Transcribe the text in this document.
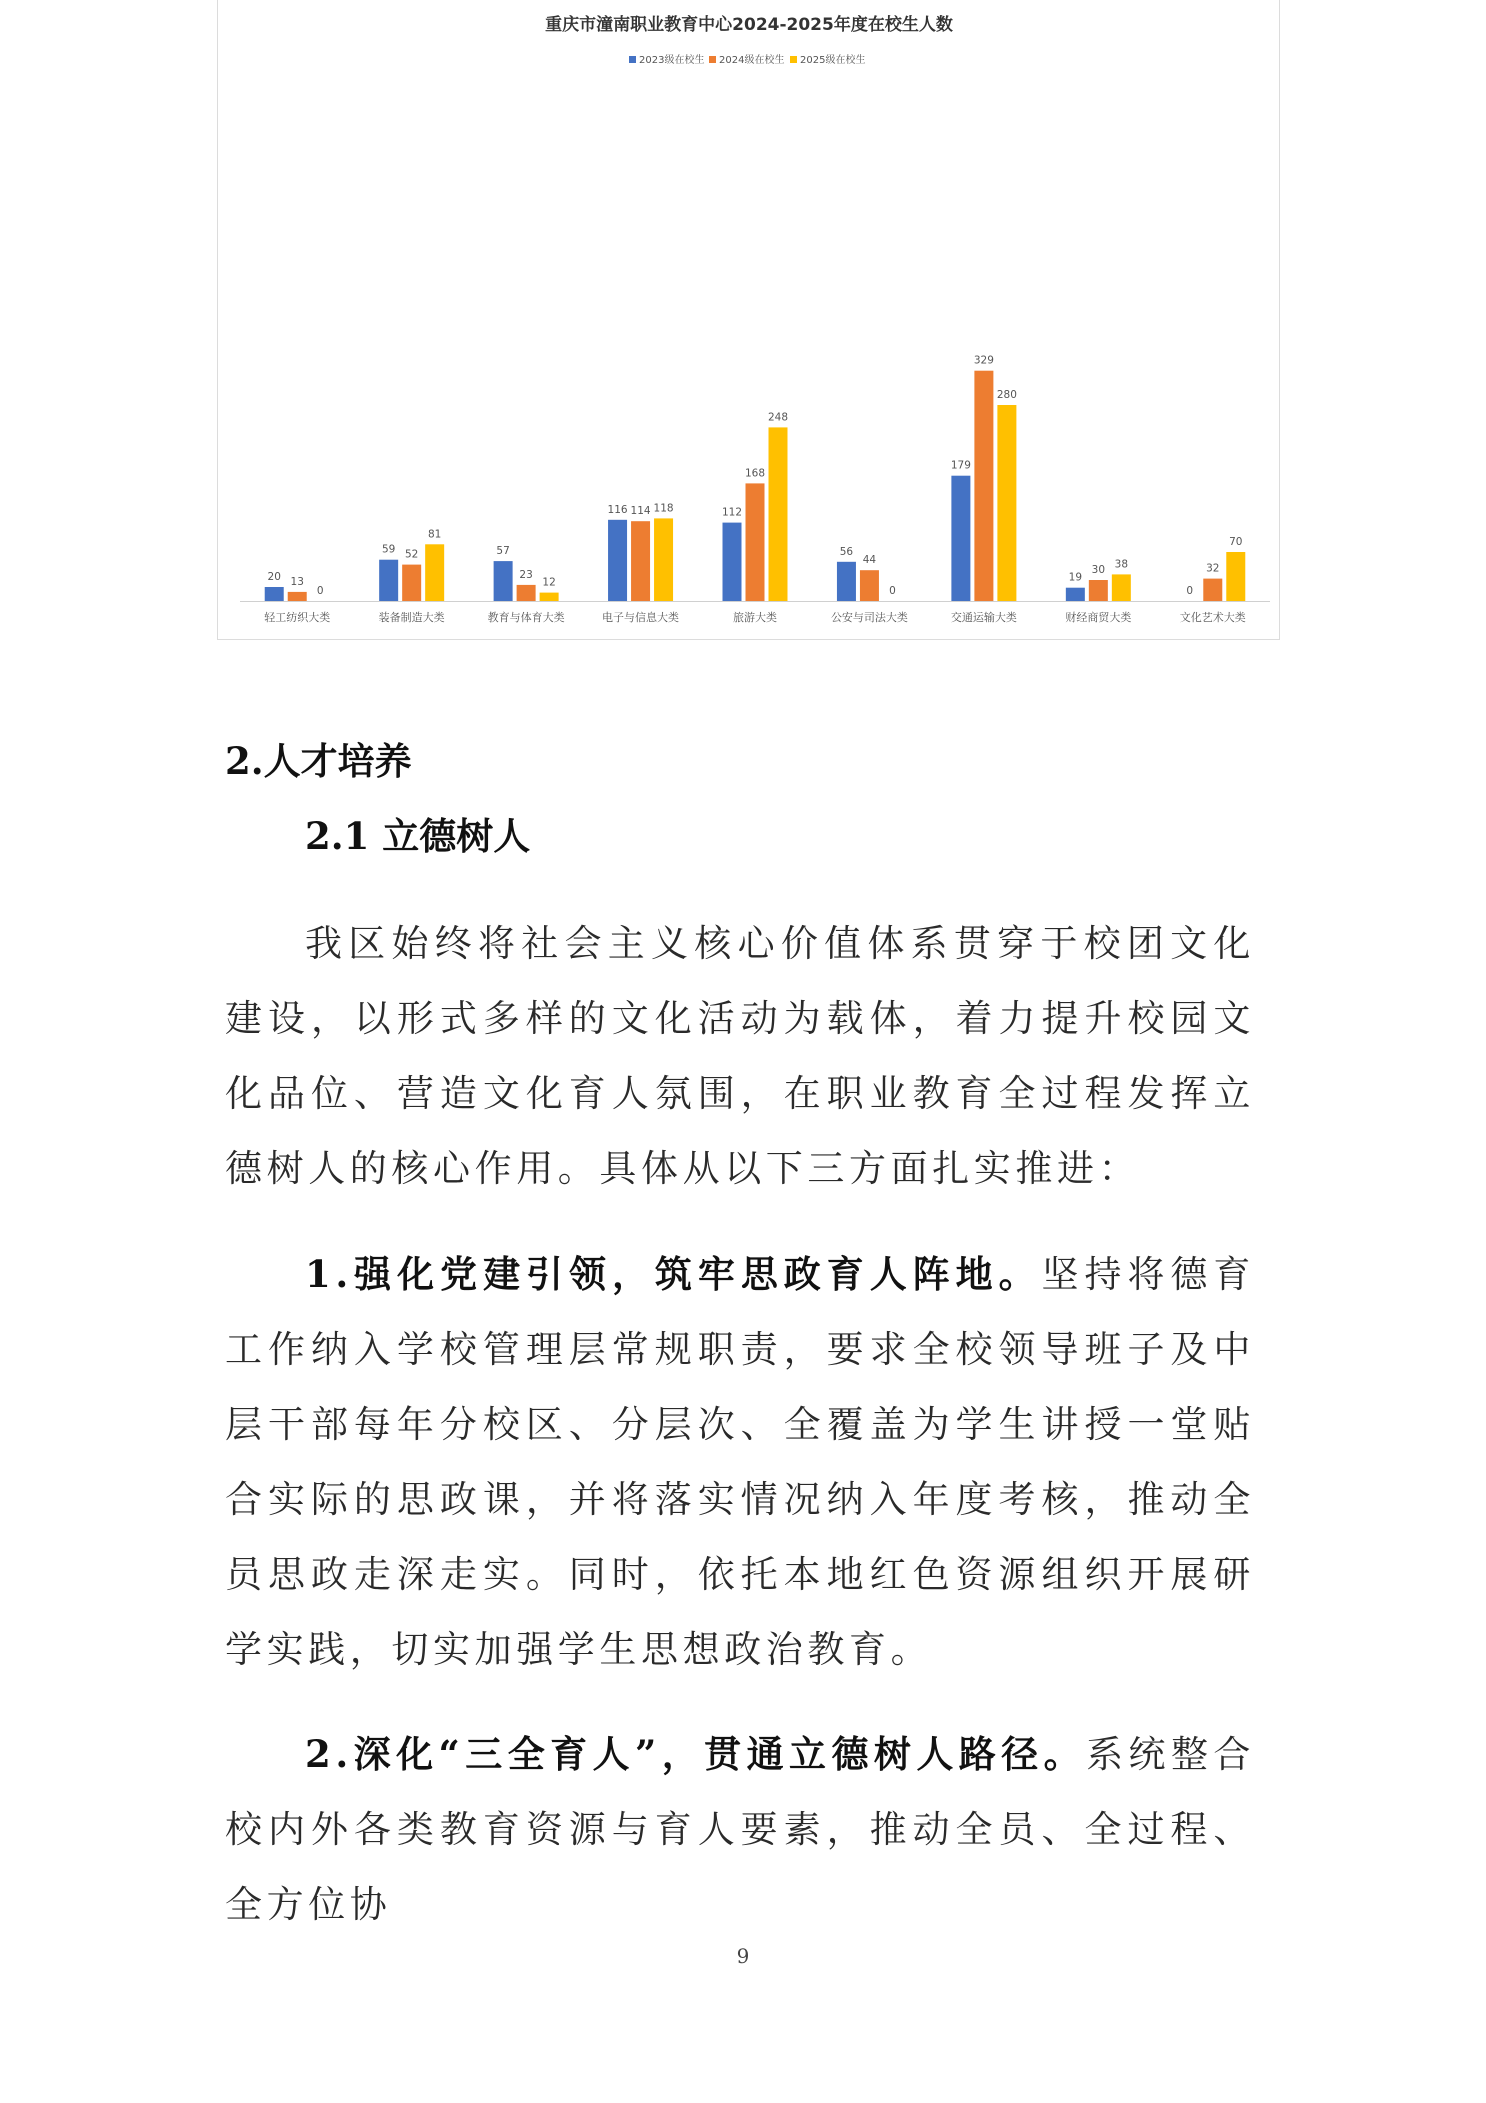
重庆市潼南职业教育中心2024-2025年度在校生人数
2023级在校生 2024级在校生 2025级在校生
20 13
0
轻工纺织大类
59 52
81
装备制造大类
57
23
12
教育与体育大类
116 114 118
电子与信息大类
112
168
248
旅游大类
56
44
0
公安与司法大类
179
329
280
交通运输大类
19
30 38
财经商贸大类
0
32
70
文化艺术大类
2.人才培养
2.1 立德树人

我区始终将社会主义核心价值体系贯穿于校团文化建设，以形式多样的文化活动为载体，着力提升校园文化品位、营造文化育人氛围，在职业教育全过程发挥立德树人的核心作用。具体从以下三方面扎实推进：

1.强化党建引领，筑牢思政育人阵地。坚持将德育工作纳入学校管理层常规职责，要求全校领导班子及中层干部每年分校区、分层次、全覆盖为学生讲授一堂贴合实际的思政课，并将落实情况纳入年度考核，推动全员思政走深走实。同时，依托本地红色资源组织开展研学实践，切实加强学生思想政治教育。

2.深化“三全育人”，贯通立德树人路径。系统整合校内外各类教育资源与育人要素，推动全员、全过程、全方位协

9
